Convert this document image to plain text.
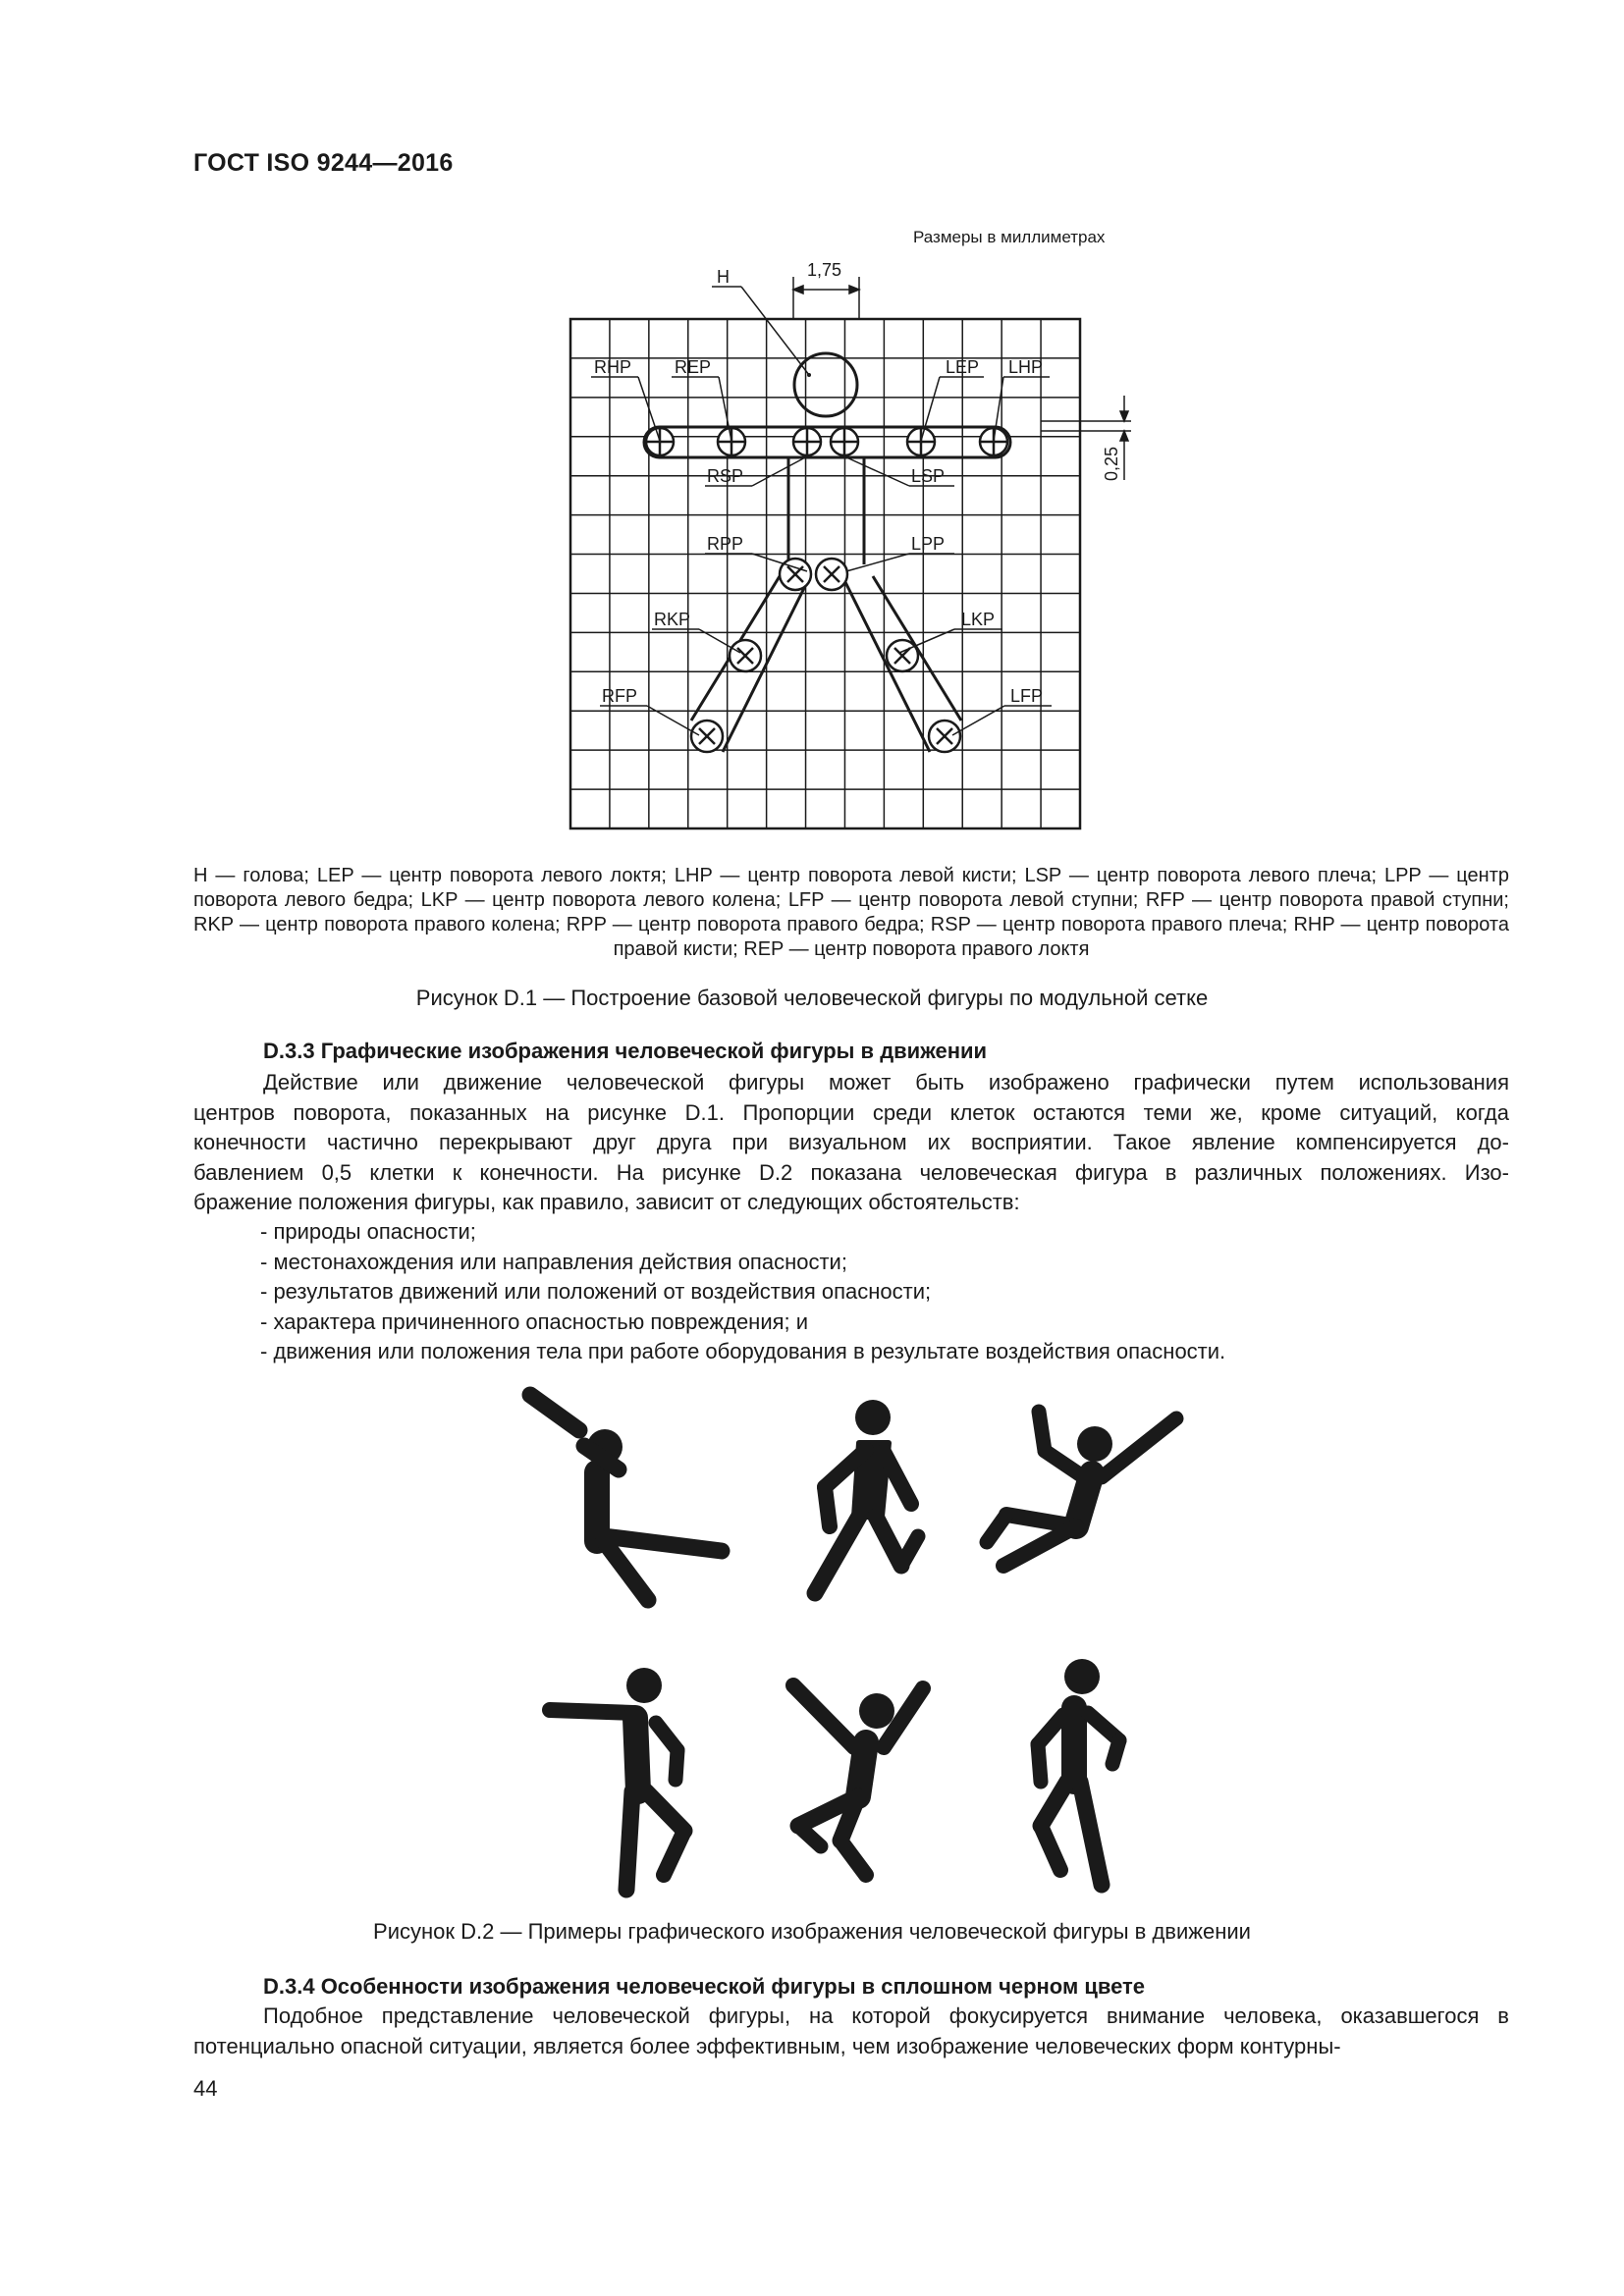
ГОСТ ISO 9244—2016
Размеры в миллиметрах
1,75
0,25
H
RHP REP	LEP LHP
RSP	LSP
RPP	LPP
RKP	LKP
RFP	LFP
H — голова; LEP — центр поворота левого локтя; LHP — центр поворота левой кисти; LSP — центр поворота левого плеча; LPP — центр поворота левого бедра; LKP — центр поворота левого колена; LFP — центр поворота левой ступни; RFP — центр поворота правой ступни; RKP — центр поворота правого колена; RPP — центр поворота правого бедра; RSP — центр поворота правого плеча; RHP — центр поворота правой кисти; REP — центр поворота правого локтя
Рисунок D.1 — Построение базовой человеческой фигуры по модульной сетке
D.3.3 Графические изображения человеческой фигуры в движении
Действие или движение человеческой фигуры может быть изображено графически путем использования
центров поворота, показанных на рисунке D.1. Пропорции среди клеток остаются теми же, кроме ситуаций, когда
конечности частично перекрывают друг друга при визуальном их восприятии. Такое явление компенсируется до-
бавлением 0,5 клетки к конечности. На рисунке D.2 показана человеческая фигура в различных положениях. Изо-
бражение положения фигуры, как правило, зависит от следующих обстоятельств:
- природы опасности;
- местонахождения или направления действия опасности;
- результатов движений или положений от воздействия опасности;
- характера причиненного опасностью повреждения; и
- движения или положения тела при работе оборудования в результате воздействия опасности.
Рисунок D.2 — Примеры графического изображения человеческой фигуры в движении
D.3.4 Особенности изображения человеческой фигуры в сплошном черном цвете
Подобное представление человеческой фигуры, на которой фокусируется внимание человека, оказавшегося в потенциально опасной ситуации, является более эффективным, чем изображение человеческих форм контурны-
44
